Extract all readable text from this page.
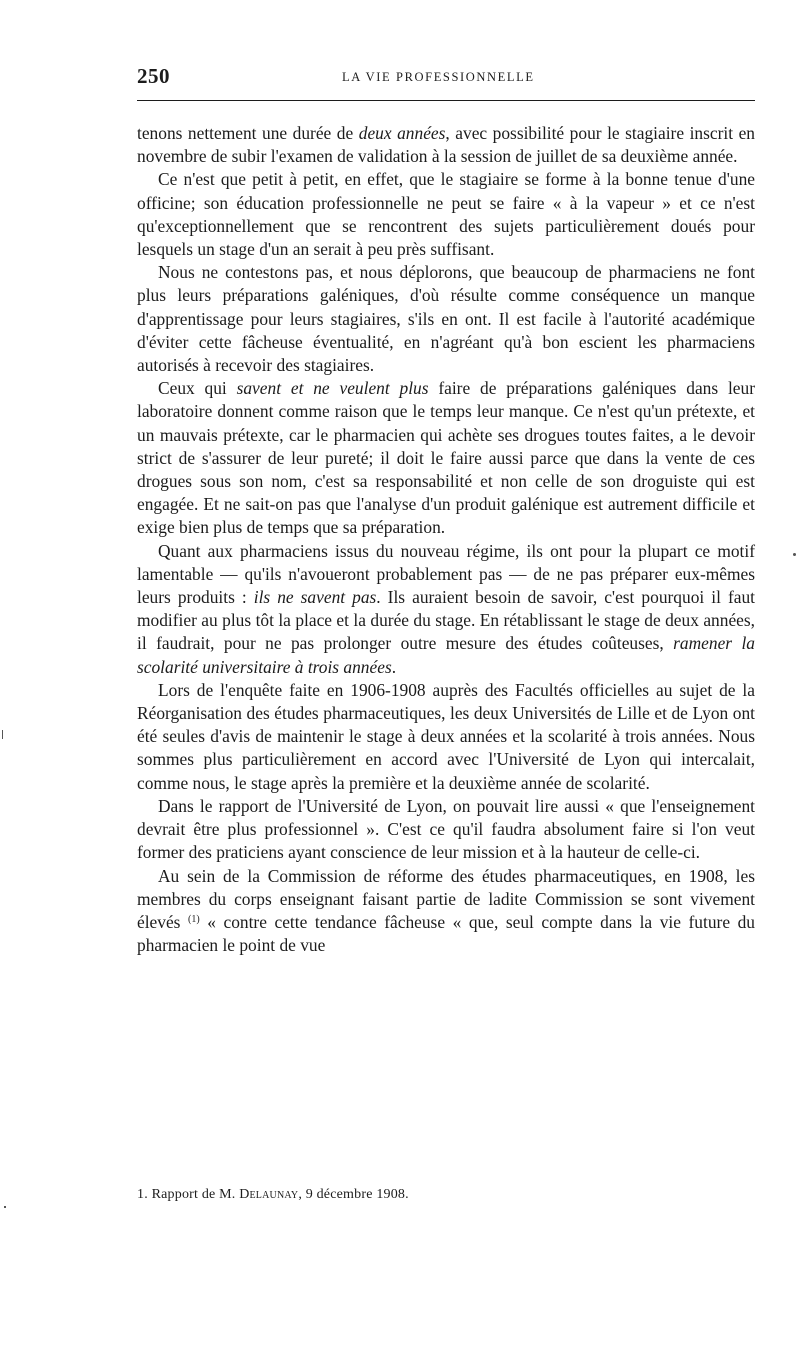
250	LA VIE PROFESSIONNELLE

tenons nettement une durée de deux années, avec possibilité pour le stagiaire inscrit en novembre de subir l'examen de validation à la session de juillet de sa deuxième année.

Ce n'est que petit à petit, en effet, que le stagiaire se forme à la bonne tenue d'une officine; son éducation professionnelle ne peut se faire « à la vapeur » et ce n'est qu'exceptionnellement que se rencontrent des sujets particulièrement doués pour lesquels un stage d'un an serait à peu près suffisant.

Nous ne contestons pas, et nous déplorons, que beaucoup de pharmaciens ne font plus leurs préparations galéniques, d'où résulte comme conséquence un manque d'apprentissage pour leurs stagiaires, s'ils en ont. Il est facile à l'autorité académique d'éviter cette fâcheuse éventualité, en n'agréant qu'à bon escient les pharmaciens autorisés à recevoir des stagiaires.

Ceux qui savent et ne veulent plus faire de préparations galéniques dans leur laboratoire donnent comme raison que le temps leur manque. Ce n'est qu'un prétexte, et un mauvais prétexte, car le pharmacien qui achète ses drogues toutes faites, a le devoir strict de s'assurer de leur pureté; il doit le faire aussi parce que dans la vente de ces drogues sous son nom, c'est sa responsabilité et non celle de son droguiste qui est engagée. Et ne sait-on pas que l'analyse d'un produit galénique est autrement difficile et exige bien plus de temps que sa préparation.

Quant aux pharmaciens issus du nouveau régime, ils ont pour la plupart ce motif lamentable — qu'ils n'avoueront probablement pas — de ne pas préparer eux-mêmes leurs produits : ils ne savent pas. Ils auraient besoin de savoir, c'est pourquoi il faut modifier au plus tôt la place et la durée du stage. En rétablissant le stage de deux années, il faudrait, pour ne pas prolonger outre mesure des études coûteuses, ramener la scolarité universitaire à trois années.

Lors de l'enquête faite en 1906-1908 auprès des Facultés officielles au sujet de la Réorganisation des études pharmaceutiques, les deux Universités de Lille et de Lyon ont été seules d'avis de maintenir le stage à deux années et la scolarité à trois années. Nous sommes plus particulièrement en accord avec l'Université de Lyon qui intercalait, comme nous, le stage après la première et la deuxième année de scolarité.

Dans le rapport de l'Université de Lyon, on pouvait lire aussi « que l'enseignement devrait être plus professionnel ». C'est ce qu'il faudra absolument faire si l'on veut former des praticiens ayant conscience de leur mission et à la hauteur de celle-ci.

Au sein de la Commission de réforme des études pharmaceutiques, en 1908, les membres du corps enseignant faisant partie de ladite Commission se sont vivement élevés $^{(1)}$ « contre cette tendance fâcheuse « que, seul compte dans la vie future du pharmacien le point de vue

1. Rapport de M. Delaunay, 9 décembre 1908.
